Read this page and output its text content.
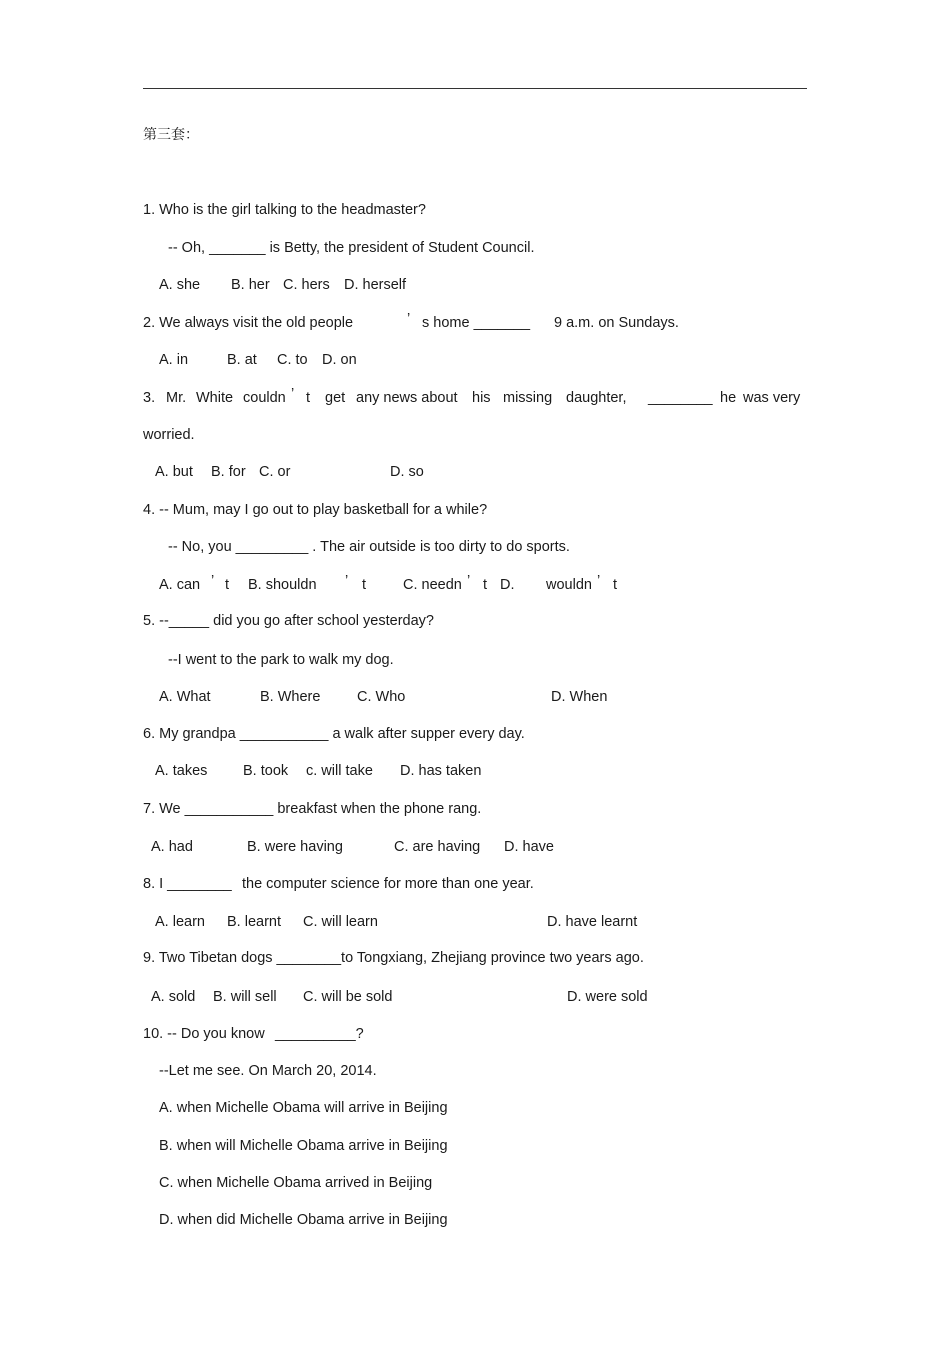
第三套：
1. Who is the girl talking to the headmaster?
-- Oh, _______ is Betty, the president of Student Council.
A. she B. her C. hers D. herself
2. We always visit the old people	’ s home _______ 9 a.m. on Sundays.
A. in	B. at C. to D. on
3. Mr. White couldn ’ t get any news about his missing daughter, ________ he was very
worried.
A. but B. for C. or	D. so
4. -- Mum, may I go out to play basketball for a while?
-- No, you _________ . The air outside is too dirty to do sports.
A. can ’ t B. shouldn ’ t	C. needn ’ t D. wouldn ’ t
5. --_____ did you go after school yesterday?
--I went to the park to walk my dog.
A. What	B. Where	C. Who	D. When
6. My grandpa ___________ a walk after supper every day.
A. takes B. took c. will take D. has taken
7. We ___________ breakfast when the phone rang.
A. had	B. were having	C. are having D. have
8. I ________ the computer science for more than one year.
A. learn B. learnt C. will learn	D. have learnt
9. Two Tibetan dogs ________to Tongxiang, Zhejiang province two years ago.
A. sold B. will sell C. will be sold	D. were sold
10. -- Do you know __________?
--Let me see. On March 20, 2014.
A. when Michelle Obama will arrive in Beijing
B. when will Michelle Obama arrive in Beijing
C. when Michelle Obama arrived in Beijing
D. when did Michelle Obama arrive in Beijing
